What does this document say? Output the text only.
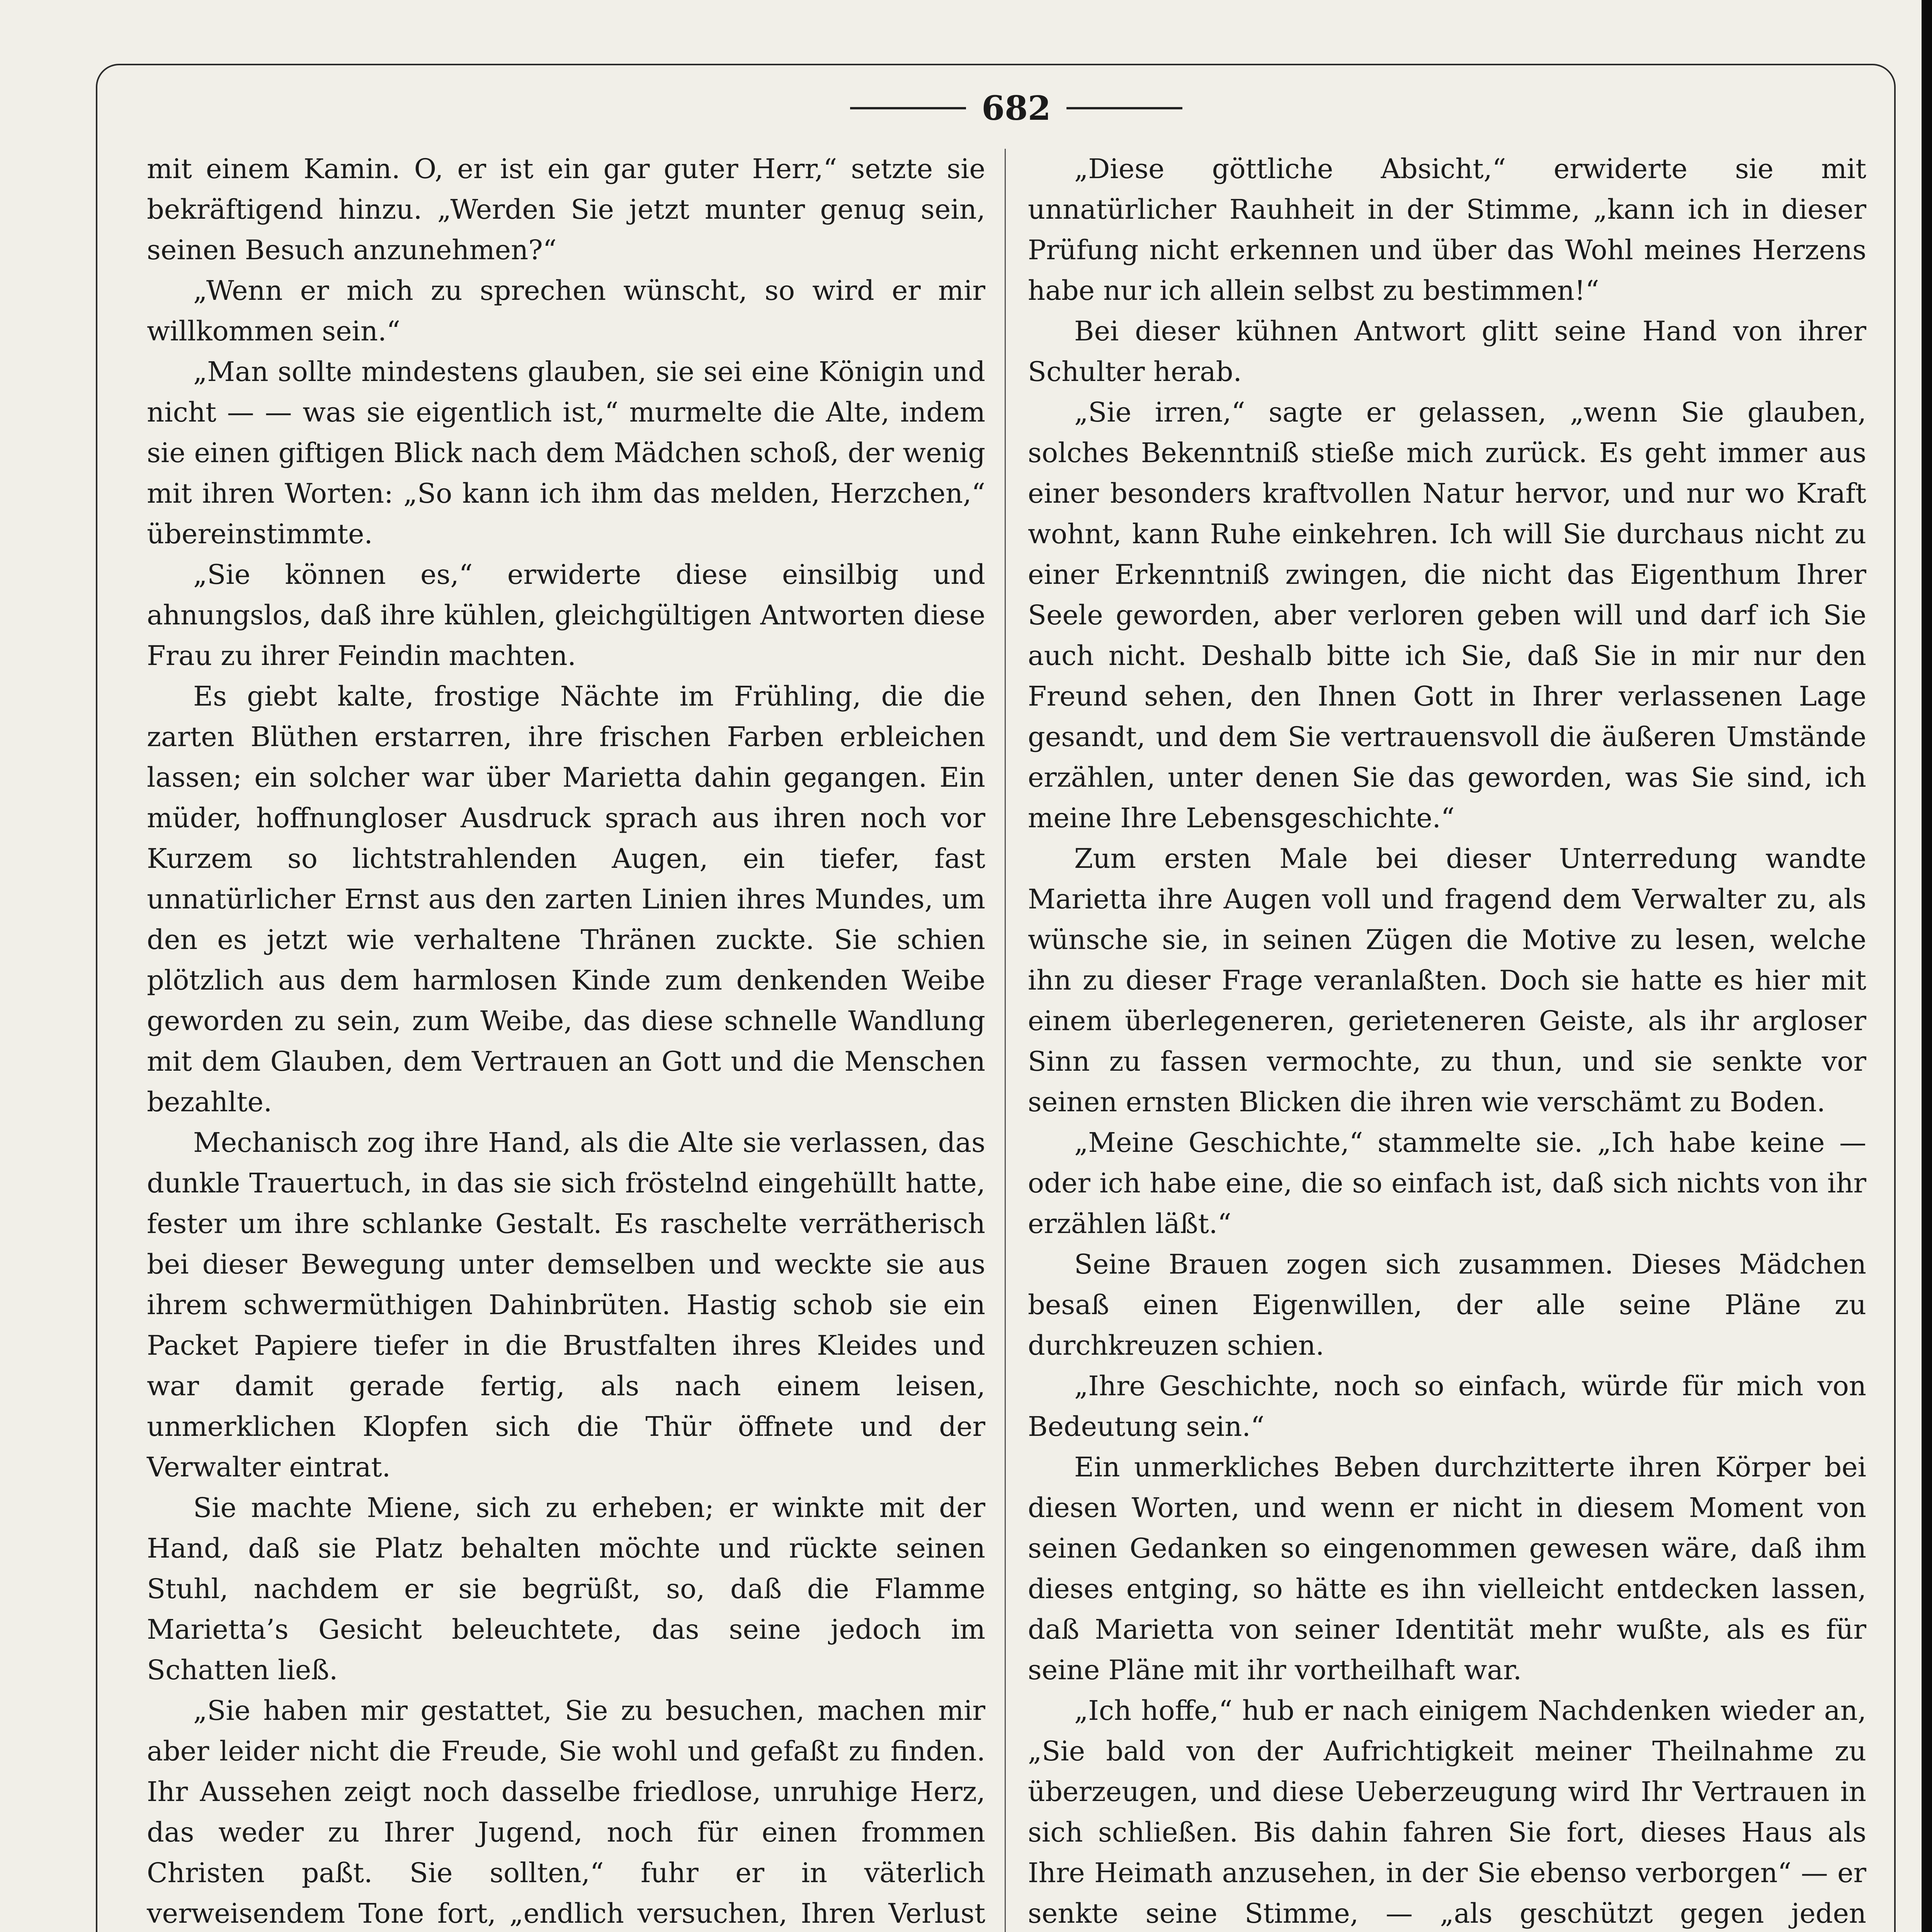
682

mit einem Kamin. O, er ist ein gar guter Herr,“ setzte sie bekräftigend hinzu. „Werden Sie jetzt munter genug sein, seinen Besuch anzunehmen?“

„Wenn er mich zu sprechen wünscht, so wird er mir willkommen sein.“

„Man sollte mindestens glauben, sie sei eine Königin und nicht — — was sie eigentlich ist,“ murmelte die Alte, indem sie einen giftigen Blick nach dem Mädchen schoß, der wenig mit ihren Worten: „So kann ich ihm das melden, Herzchen,“ übereinstimmte.

„Sie können es,“ erwiderte diese einsilbig und ahnungslos, daß ihre kühlen, gleichgültigen Antworten diese Frau zu ihrer Feindin machten.

Es giebt kalte, frostige Nächte im Frühling, die die zarten Blüthen erstarren, ihre frischen Farben erbleichen lassen; ein solcher war über Marietta dahin gegangen. Ein müder, hoffnungloser Ausdruck sprach aus ihren noch vor Kurzem so lichtstrahlenden Augen, ein tiefer, fast unnatürlicher Ernst aus den zarten Linien ihres Mundes, um den es jetzt wie verhaltene Thränen zuckte. Sie schien plötzlich aus dem harmlosen Kinde zum denkenden Weibe geworden zu sein, zum Weibe, das diese schnelle Wandlung mit dem Glauben, dem Vertrauen an Gott und die Menschen bezahlte.

Mechanisch zog ihre Hand, als die Alte sie verlassen, das dunkle Trauertuch, in das sie sich fröstelnd eingehüllt hatte, fester um ihre schlanke Gestalt. Es raschelte verrätherisch bei dieser Bewegung unter demselben und weckte sie aus ihrem schwermüthigen Dahinbrüten. Hastig schob sie ein Packet Papiere tiefer in die Brustfalten ihres Kleides und war damit gerade fertig, als nach einem leisen, unmerklichen Klopfen sich die Thür öffnete und der Verwalter eintrat.

Sie machte Miene, sich zu erheben; er winkte mit der Hand, daß sie Platz behalten möchte und rückte seinen Stuhl, nachdem er sie begrüßt, so, daß die Flamme Marietta’s Gesicht beleuchtete, das seine jedoch im Schatten ließ.

„Sie haben mir gestattet, Sie zu besuchen, machen mir aber leider nicht die Freude, Sie wohl und gefaßt zu finden. Ihr Aussehen zeigt noch dasselbe friedlose, unruhige Herz, das weder zu Ihrer Jugend, noch für einen frommen Christen paßt. Sie sollten,“ fuhr er in väterlich verweisendem Tone fort, „endlich versuchen, Ihren Verlust

„Diese göttliche Absicht,“ erwiderte sie mit unnatürlicher Rauhheit in der Stimme, „kann ich in dieser Prüfung nicht erkennen und über das Wohl meines Herzens habe nur ich allein selbst zu bestimmen!“

Bei dieser kühnen Antwort glitt seine Hand von ihrer Schulter herab.

„Sie irren,“ sagte er gelassen, „wenn Sie glauben, solches Bekenntniß stieße mich zurück. Es geht immer aus einer besonders kraftvollen Natur hervor, und nur wo Kraft wohnt, kann Ruhe einkehren. Ich will Sie durchaus nicht zu einer Erkenntniß zwingen, die nicht das Eigenthum Ihrer Seele geworden, aber verloren geben will und darf ich Sie auch nicht. Deshalb bitte ich Sie, daß Sie in mir nur den Freund sehen, den Ihnen Gott in Ihrer verlassenen Lage gesandt, und dem Sie vertrauensvoll die äußeren Umstände erzählen, unter denen Sie das geworden, was Sie sind, ich meine Ihre Lebensgeschichte.“

Zum ersten Male bei dieser Unterredung wandte Marietta ihre Augen voll und fragend dem Verwalter zu, als wünsche sie, in seinen Zügen die Motive zu lesen, welche ihn zu dieser Frage veranlaßten. Doch sie hatte es hier mit einem überlegeneren, gerieteneren Geiste, als ihr argloser Sinn zu fassen vermochte, zu thun, und sie senkte vor seinen ernsten Blicken die ihren wie verschämt zu Boden.

„Meine Geschichte,“ stammelte sie. „Ich habe keine — oder ich habe eine, die so einfach ist, daß sich nichts von ihr erzählen läßt.“

Seine Brauen zogen sich zusammen. Dieses Mädchen besaß einen Eigenwillen, der alle seine Pläne zu durchkreuzen schien.

„Ihre Geschichte, noch so einfach, würde für mich von Bedeutung sein.“

Ein unmerkliches Beben durchzitterte ihren Körper bei diesen Worten, und wenn er nicht in diesem Moment von seinen Gedanken so eingenommen gewesen wäre, daß ihm dieses entging, so hätte es ihn vielleicht entdecken lassen, daß Marietta von seiner Identität mehr wußte, als es für seine Pläne mit ihr vortheilhaft war.

„Ich hoffe,“ hub er nach einigem Nachdenken wieder an, „Sie bald von der Aufrichtigkeit meiner Theilnahme zu überzeugen, und diese Ueberzeugung wird Ihr Vertrauen in sich schließen. Bis dahin fahren Sie fort, dieses Haus als Ihre Heimath anzusehen, in der Sie ebenso verborgen“ — er senkte seine Stimme, — „als geschützt gegen jeden
